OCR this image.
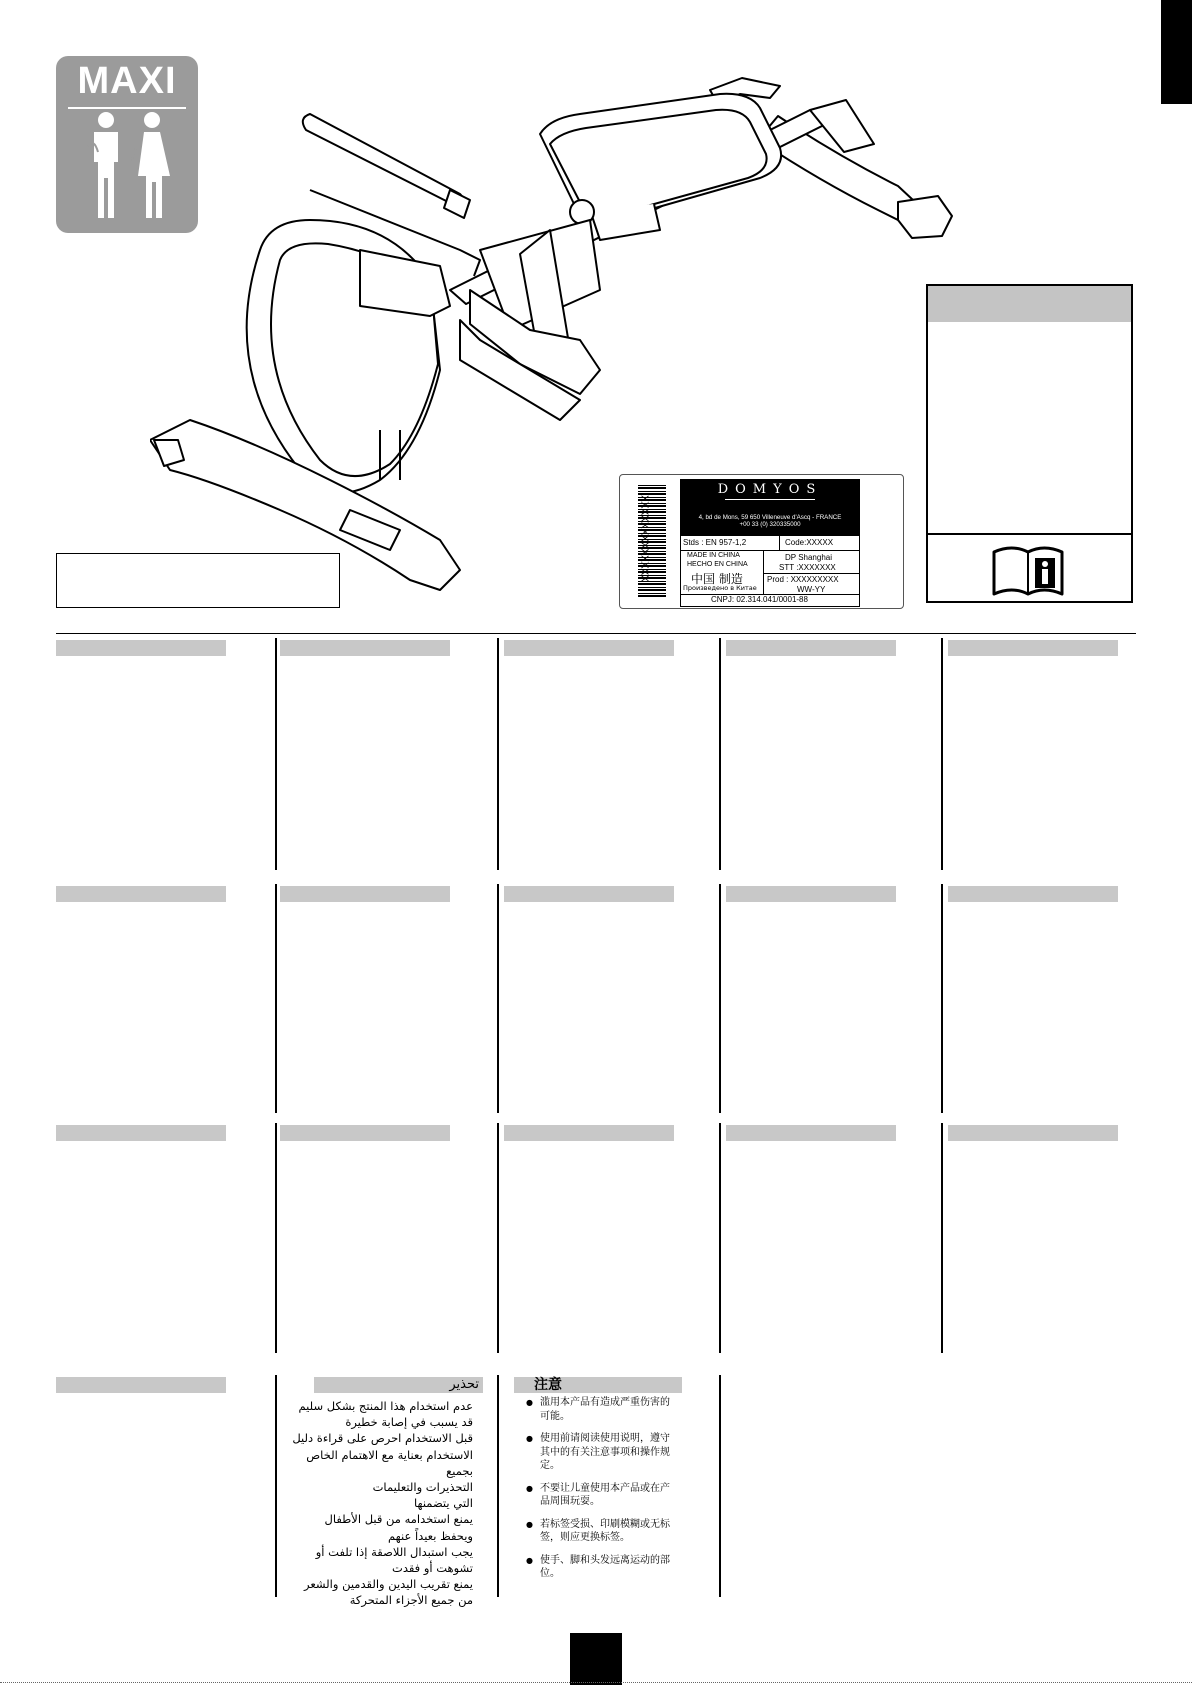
MAXI
XXXXXXXXXXXXX
DOMYOS
4, bd de Mons, 59 650 Villeneuve d'Ascq - FRANCE
+00 33 (0) 320335000
Stds : EN 957-1,2	Code:XXXXX
MADE IN CHINA
HECHO EN CHINA
中国 制造
Произведено в Китае
DP Shanghai
STT :XXXXXXX
Prod : XXXXXXXXX
WW-YY
CNPJ: 02.314.041/0001-88
تحذير
عدم استخدام هذا المنتج بشكل سليم
قد يسبب في إصابة خطيرة
قبل الاستخدام احرص على قراءة دليل
الاستخدام بعناية مع الاهتمام الخاص بجميع
التحذيرات والتعليمات
التي يتضمنها
يمنع استخدامه من قبل الأطفال
ويحفظ بعيداً عنهم
يجب استبدال اللاصقة إذا تلفت أو
تشوهت أو فقدت
يمنع تقريب اليدين والقدمين والشعر
من جميع الأجزاء المتحركة
注意
● 滥用本产品有造成严重伤害的可能。
● 使用前请阅读使用说明，遵守其中的有关注意事项和操作规定。
● 不要让儿童使用本产品或在产品周围玩耍。
● 若标签受损、印刷模糊或无标签，则应更换标签。
● 使手、脚和头发远离运动的部位。
